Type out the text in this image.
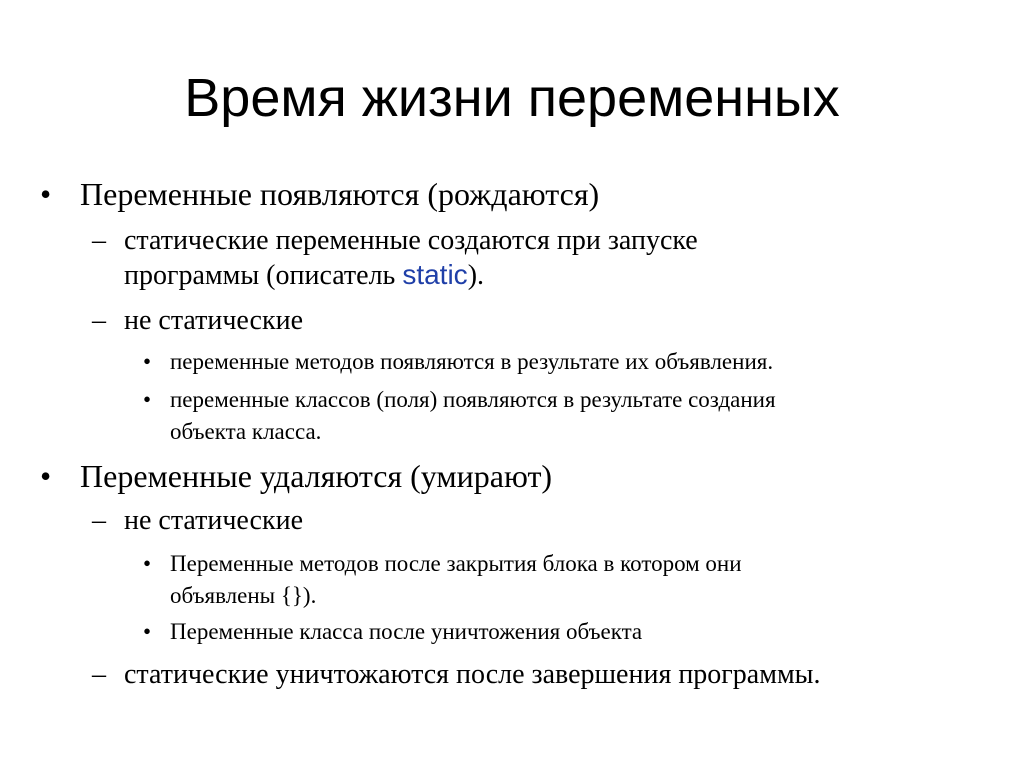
Время жизни переменных
• Переменные появляются (рождаются)
– статические переменные создаются при запуске
программы (описатель static).
– не статические
• переменные методов появляются в результате их объявления.
• переменные классов (поля) появляются в результате создания
объекта класса.
• Переменные удаляются (умирают)
– не статические
• Переменные методов после закрытия блока в котором они
объявлены {}).
• Переменные класса после уничтожения объекта
– статические уничтожаются после завершения программы.
